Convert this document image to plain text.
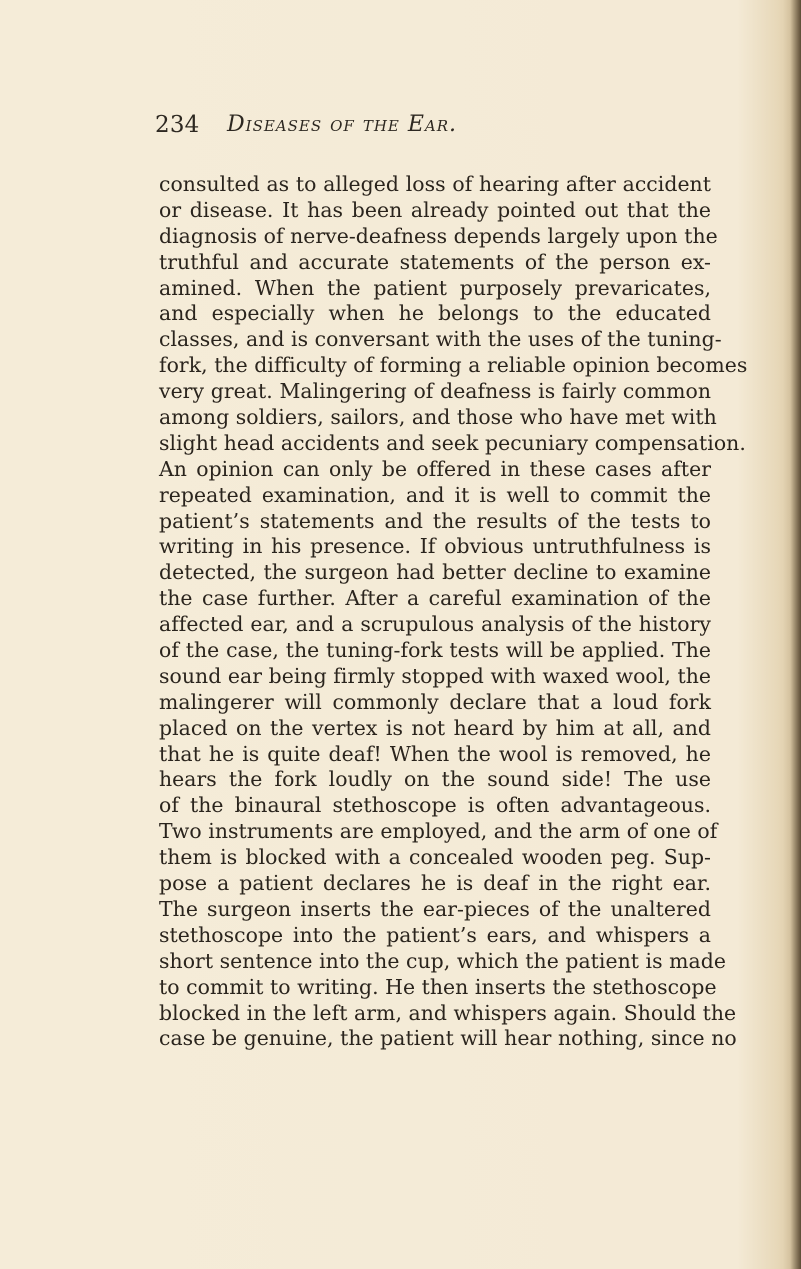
234 Diseases of the Ear.
consulted as to alleged loss of hearing after accident
or disease. It has been already pointed out that the
diagnosis of nerve-deafness depends largely upon the
truthful and accurate statements of the person ex-
amined. When the patient purposely prevaricates,
and especially when he belongs to the educated
classes, and is conversant with the uses of the tuning-
fork, the difficulty of forming a reliable opinion becomes
very great. Malingering of deafness is fairly common
among soldiers, sailors, and those who have met with
slight head accidents and seek pecuniary compensation.
An opinion can only be offered in these cases after
repeated examination, and it is well to commit the
patient’s statements and the results of the tests to
writing in his presence. If obvious untruthfulness is
detected, the surgeon had better decline to examine
the case further. After a careful examination of the
affected ear, and a scrupulous analysis of the history
of the case, the tuning-fork tests will be applied. The
sound ear being firmly stopped with waxed wool, the
malingerer will commonly declare that a loud fork
placed on the vertex is not heard by him at all, and
that he is quite deaf! When the wool is removed, he
hears the fork loudly on the sound side! The use
of the binaural stethoscope is often advantageous.
Two instruments are employed, and the arm of one of
them is blocked with a concealed wooden peg. Sup-
pose a patient declares he is deaf in the right ear.
The surgeon inserts the ear-pieces of the unaltered
stethoscope into the patient’s ears, and whispers a
short sentence into the cup, which the patient is made
to commit to writing. He then inserts the stethoscope
blocked in the left arm, and whispers again. Should the
case be genuine, the patient will hear nothing, since no
